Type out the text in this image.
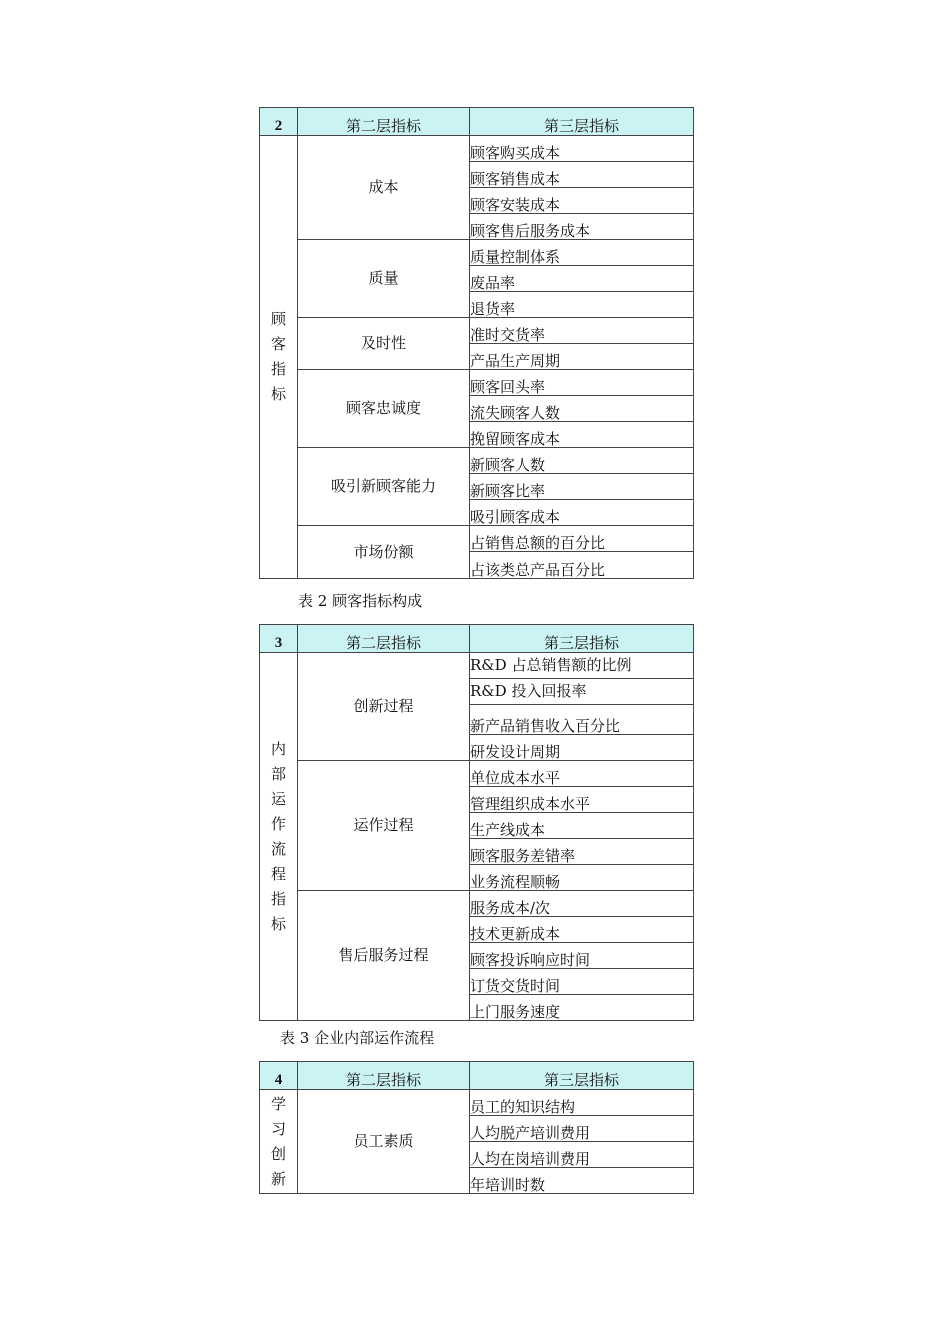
2	第二层指标	第三层指标
顾客指标	成本	顾客购买成本
		顾客销售成本
		顾客安装成本
		顾客售后服务成本
	质量	质量控制体系
		废品率
		退货率
	及时性	准时交货率
		产品生产周期
	顾客忠诚度	顾客回头率
		流失顾客人数
		挽留顾客成本
	吸引新顾客能力	新顾客人数
		新顾客比率
		吸引顾客成本
	市场份额	占销售总额的百分比
		占该类总产品百分比
表 2 顾客指标构成
3	第二层指标	第三层指标
内部运作流程指标	创新过程	R&D 占总销售额的比例
		R&D 投入回报率
		新产品销售收入百分比
		研发设计周期
	运作过程	单位成本水平
		管理组织成本水平
		生产线成本
		顾客服务差错率
		业务流程顺畅
	售后服务过程	服务成本/次
		技术更新成本
		顾客投诉响应时间
		订货交货时间
		上门服务速度
表 3 企业内部运作流程
4	第二层指标	第三层指标
学习创新	员工素质	员工的知识结构
		人均脱产培训费用
		人均在岗培训费用
		年培训时数
